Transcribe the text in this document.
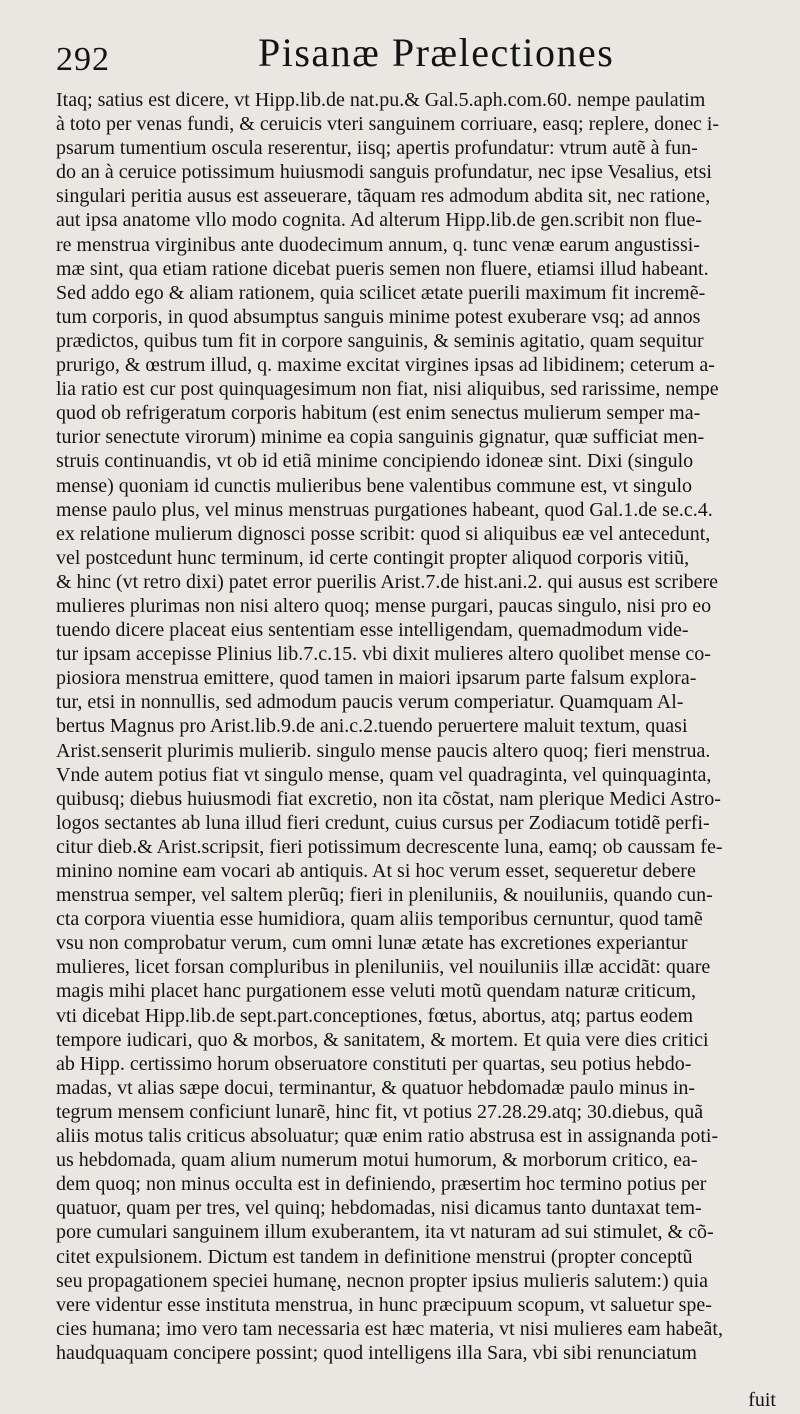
292	Pisanæ Prælectiones
Itaq; satius est dicere, vt Hipp.lib.de nat.pu.& Gal.5.aph.com.60. nempe paulatim
à toto per venas fundi, & ceruicis vteri sanguinem corriuare, easq; replere, donec i-
psarum tumentium oscula reserentur, iisq; apertis profundatur: vtrum autẽ à fun-
do an à ceruice potissimum huiusmodi sanguis profundatur, nec ipse Vesalius, etsi
singulari peritia ausus est asseuerare, tãquam res admodum abdita sit, nec ratione,
aut ipsa anatome vllo modo cognita. Ad alterum Hipp.lib.de gen.scribit non flue-
re menstrua virginibus ante duodecimum annum, q. tunc venæ earum angustissi-
mæ sint, qua etiam ratione dicebat pueris semen non fluere, etiamsi illud habeant.
Sed addo ego & aliam rationem, quia scilicet ætate puerili maximum fit incremẽ-
tum corporis, in quod absumptus sanguis minime potest exuberare vsq; ad annos
prædictos, quibus tum fit in corpore sanguinis, & seminis agitatio, quam sequitur
prurigo, & œstrum illud, q. maxime excitat virgines ipsas ad libidinem; ceterum a-
lia ratio est cur post quinquagesimum non fiat, nisi aliquibus, sed rarissime, nempe
quod ob refrigeratum corporis habitum (est enim senectus mulierum semper ma-
turior senectute virorum) minime ea copia sanguinis gignatur, quæ sufficiat men-
struis continuandis, vt ob id etiã minime concipiendo idoneæ sint. Dixi (singulo
mense) quoniam id cunctis mulieribus bene valentibus commune est, vt singulo
mense paulo plus, vel minus menstruas purgationes habeant, quod Gal.1.de se.c.4.
ex relatione mulierum dignosci posse scribit: quod si aliquibus eæ vel antecedunt,
vel postcedunt hunc terminum, id certe contingit propter aliquod corporis vitiũ,
& hinc (vt retro dixi) patet error puerilis Arist.7.de hist.ani.2. qui ausus est scribere
mulieres plurimas non nisi altero quoq; mense purgari, paucas singulo, nisi pro eo
tuendo dicere placeat eius sententiam esse intelligendam, quemadmodum vide-
tur ipsam accepisse Plinius lib.7.c.15. vbi dixit mulieres altero quolibet mense co-
piosiora menstrua emittere, quod tamen in maiori ipsarum parte falsum explora-
tur, etsi in nonnullis, sed admodum paucis verum comperiatur. Quamquam Al-
bertus Magnus pro Arist.lib.9.de ani.c.2.tuendo peruertere maluit textum, quasi
Arist.senserit plurimis mulierib. singulo mense paucis altero quoq; fieri menstrua.
Vnde autem potius fiat vt singulo mense, quam vel quadraginta, vel quinquaginta,
quibusq; diebus huiusmodi fiat excretio, non ita cõstat, nam plerique Medici Astro-
logos sectantes ab luna illud fieri credunt, cuius cursus per Zodiacum totidẽ perfi-
citur dieb.& Arist.scripsit, fieri potissimum decrescente luna, eamq; ob caussam fe-
minino nomine eam vocari ab antiquis. At si hoc verum esset, sequeretur debere
menstrua semper, vel saltem plerũq; fieri in pleniluniis, & nouiluniis, quando cun-
cta corpora viuentia esse humidiora, quam aliis temporibus cernuntur, quod tamẽ
vsu non comprobatur verum, cum omni lunæ ætate has excretiones experiantur
mulieres, licet forsan compluribus in pleniluniis, vel nouiluniis illæ accidãt: quare
magis mihi placet hanc purgationem esse veluti motũ quendam naturæ criticum,
vti dicebat Hipp.lib.de sept.part.conceptiones, fœtus, abortus, atq; partus eodem
tempore iudicari, quo & morbos, & sanitatem, & mortem. Et quia vere dies critici
ab Hipp. certissimo horum obseruatore constituti per quartas, seu potius hebdo-
madas, vt alias sæpe docui, terminantur, & quatuor hebdomadæ paulo minus in-
tegrum mensem conficiunt lunarẽ, hinc fit, vt potius 27.28.29.atq; 30.diebus, quã
aliis motus talis criticus absoluatur; quæ enim ratio abstrusa est in assignanda poti-
us hebdomada, quam alium numerum motui humorum, & morborum critico, ea-
dem quoq; non minus occulta est in definiendo, præsertim hoc termino potius per
quatuor, quam per tres, vel quinq; hebdomadas, nisi dicamus tanto duntaxat tem-
pore cumulari sanguinem illum exuberantem, ita vt naturam ad sui stimulet, & cõ-
citet expulsionem. Dictum est tandem in definitione menstrui (propter conceptũ
seu propagationem speciei humanę, necnon propter ipsius mulieris salutem:) quia
vere videntur esse instituta menstrua, in hunc præcipuum scopum, vt saluetur spe-
cies humana; imo vero tam necessaria est hæc materia, vt nisi mulieres eam habeãt,
haudquaquam concipere possint; quod intelligens illa Sara, vbi sibi renunciatum
fuit
